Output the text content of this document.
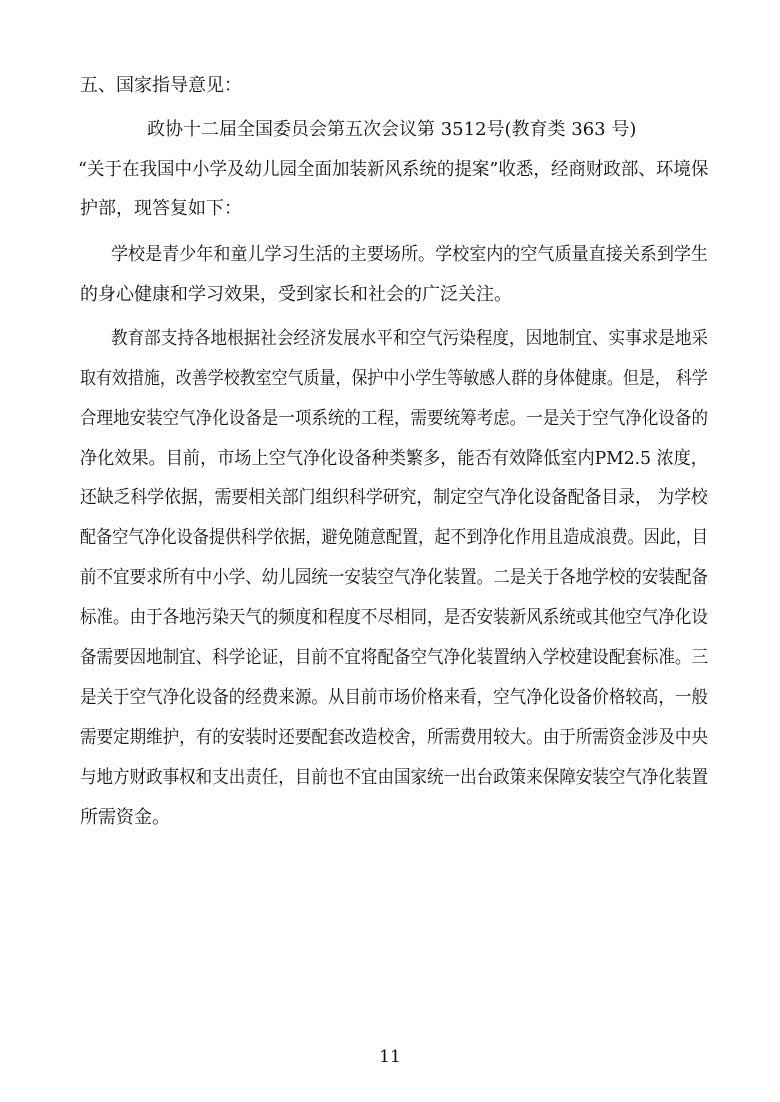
五、国家指导意见：

政协十二届全国委员会第五次会议第 3512号(教育类 363 号)

“关于在我国中小学及幼儿园全面加装新风系统的提案”收悉，经商财政部、环境保

护部，现答复如下：

学校是青少年和童儿学习生活的主要场所。学校室内的空气质量直接关系到学生

的身心健康和学习效果，受到家长和社会的广泛关注。

教育部支持各地根据社会经济发展水平和空气污染程度，因地制宜、实事求是地采

取有效措施，改善学校教室空气质量，保护中小学生等敏感人群的身体健康。但是， 科学

合理地安装空气净化设备是一项系统的工程，需要统筹考虑。一是关于空气净化设备的

净化效果。目前，市场上空气净化设备种类繁多，能否有效降低室内PM2.5 浓度，

还缺乏科学依据，需要相关部门组织科学研究，制定空气净化设备配备目录， 为学校

配备空气净化设备提供科学依据，避免随意配置，起不到净化作用且造成浪费。因此，目

前不宜要求所有中小学、幼儿园统一安装空气净化装置。二是关于各地学校的安装配备

标准。由于各地污染天气的频度和程度不尽相同，是否安装新风系统或其他空气净化设

备需要因地制宜、科学论证，目前不宜将配备空气净化装置纳入学校建设配套标准。三

是关于空气净化设备的经费来源。从目前市场价格来看，空气净化设备价格较高，一般

需要定期维护，有的安装时还要配套改造校舍，所需费用较大。由于所需资金涉及中央

与地方财政事权和支出责任，目前也不宜由国家统一出台政策来保障安装空气净化装置

所需资金。

11
